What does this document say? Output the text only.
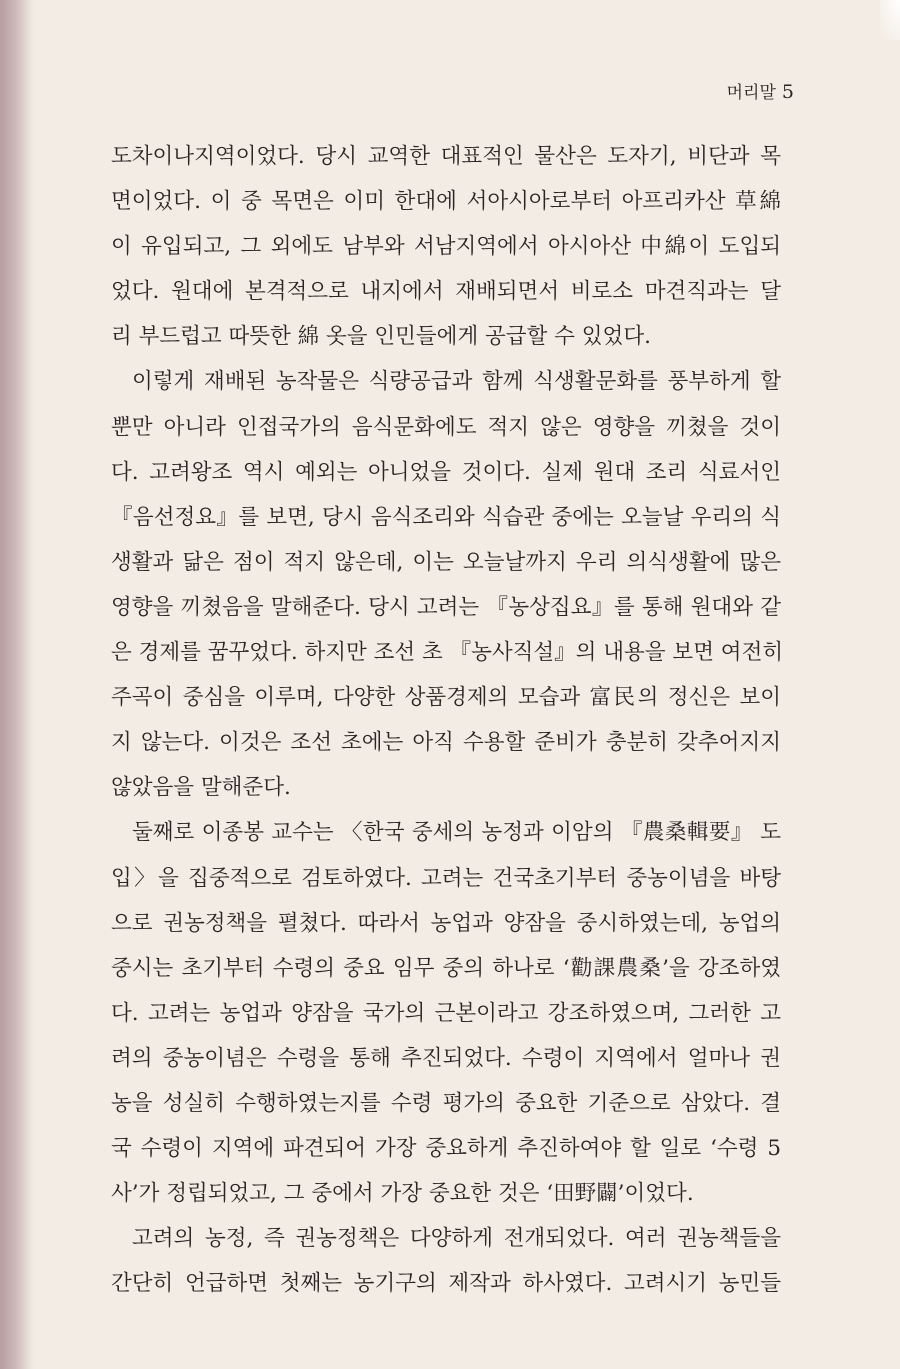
머리말 5
도차이나지역이었다. 당시 교역한 대표적인 물산은 도자기, 비단과 목
면이었다. 이 중 목면은 이미 한대에 서아시아로부터 아프리카산 草綿
이 유입되고, 그 외에도 남부와 서남지역에서 아시아산 中綿이 도입되
었다. 원대에 본격적으로 내지에서 재배되면서 비로소 마견직과는 달
리 부드럽고 따뜻한 綿 옷을 인민들에게 공급할 수 있었다.
이렇게 재배된 농작물은 식량공급과 함께 식생활문화를 풍부하게 할
뿐만 아니라 인접국가의 음식문화에도 적지 않은 영향을 끼쳤을 것이
다. 고려왕조 역시 예외는 아니었을 것이다. 실제 원대 조리 식료서인
『음선정요』를 보면, 당시 음식조리와 식습관 중에는 오늘날 우리의 식
생활과 닮은 점이 적지 않은데, 이는 오늘날까지 우리 의식생활에 많은
영향을 끼쳤음을 말해준다. 당시 고려는 『농상집요』를 통해 원대와 같
은 경제를 꿈꾸었다. 하지만 조선 초 『농사직설』의 내용을 보면 여전히
주곡이 중심을 이루며, 다양한 상품경제의 모습과 富民의 정신은 보이
지 않는다. 이것은 조선 초에는 아직 수용할 준비가 충분히 갖추어지지
않았음을 말해준다.
둘째로 이종봉 교수는 〈한국 중세의 농정과 이암의 『農桑輯要』 도
입〉을 집중적으로 검토하였다. 고려는 건국초기부터 중농이념을 바탕
으로 권농정책을 펼쳤다. 따라서 농업과 양잠을 중시하였는데, 농업의
중시는 초기부터 수령의 중요 임무 중의 하나로 ‘勸課農桑’을 강조하였
다. 고려는 농업과 양잠을 국가의 근본이라고 강조하였으며, 그러한 고
려의 중농이념은 수령을 통해 추진되었다. 수령이 지역에서 얼마나 권
농을 성실히 수행하였는지를 수령 평가의 중요한 기준으로 삼았다. 결
국 수령이 지역에 파견되어 가장 중요하게 추진하여야 할 일로 ‘수령 5
사’가 정립되었고, 그 중에서 가장 중요한 것은 ‘田野闢’이었다.
고려의 농정, 즉 권농정책은 다양하게 전개되었다. 여러 권농책들을
간단히 언급하면 첫째는 농기구의 제작과 하사였다. 고려시기 농민들
